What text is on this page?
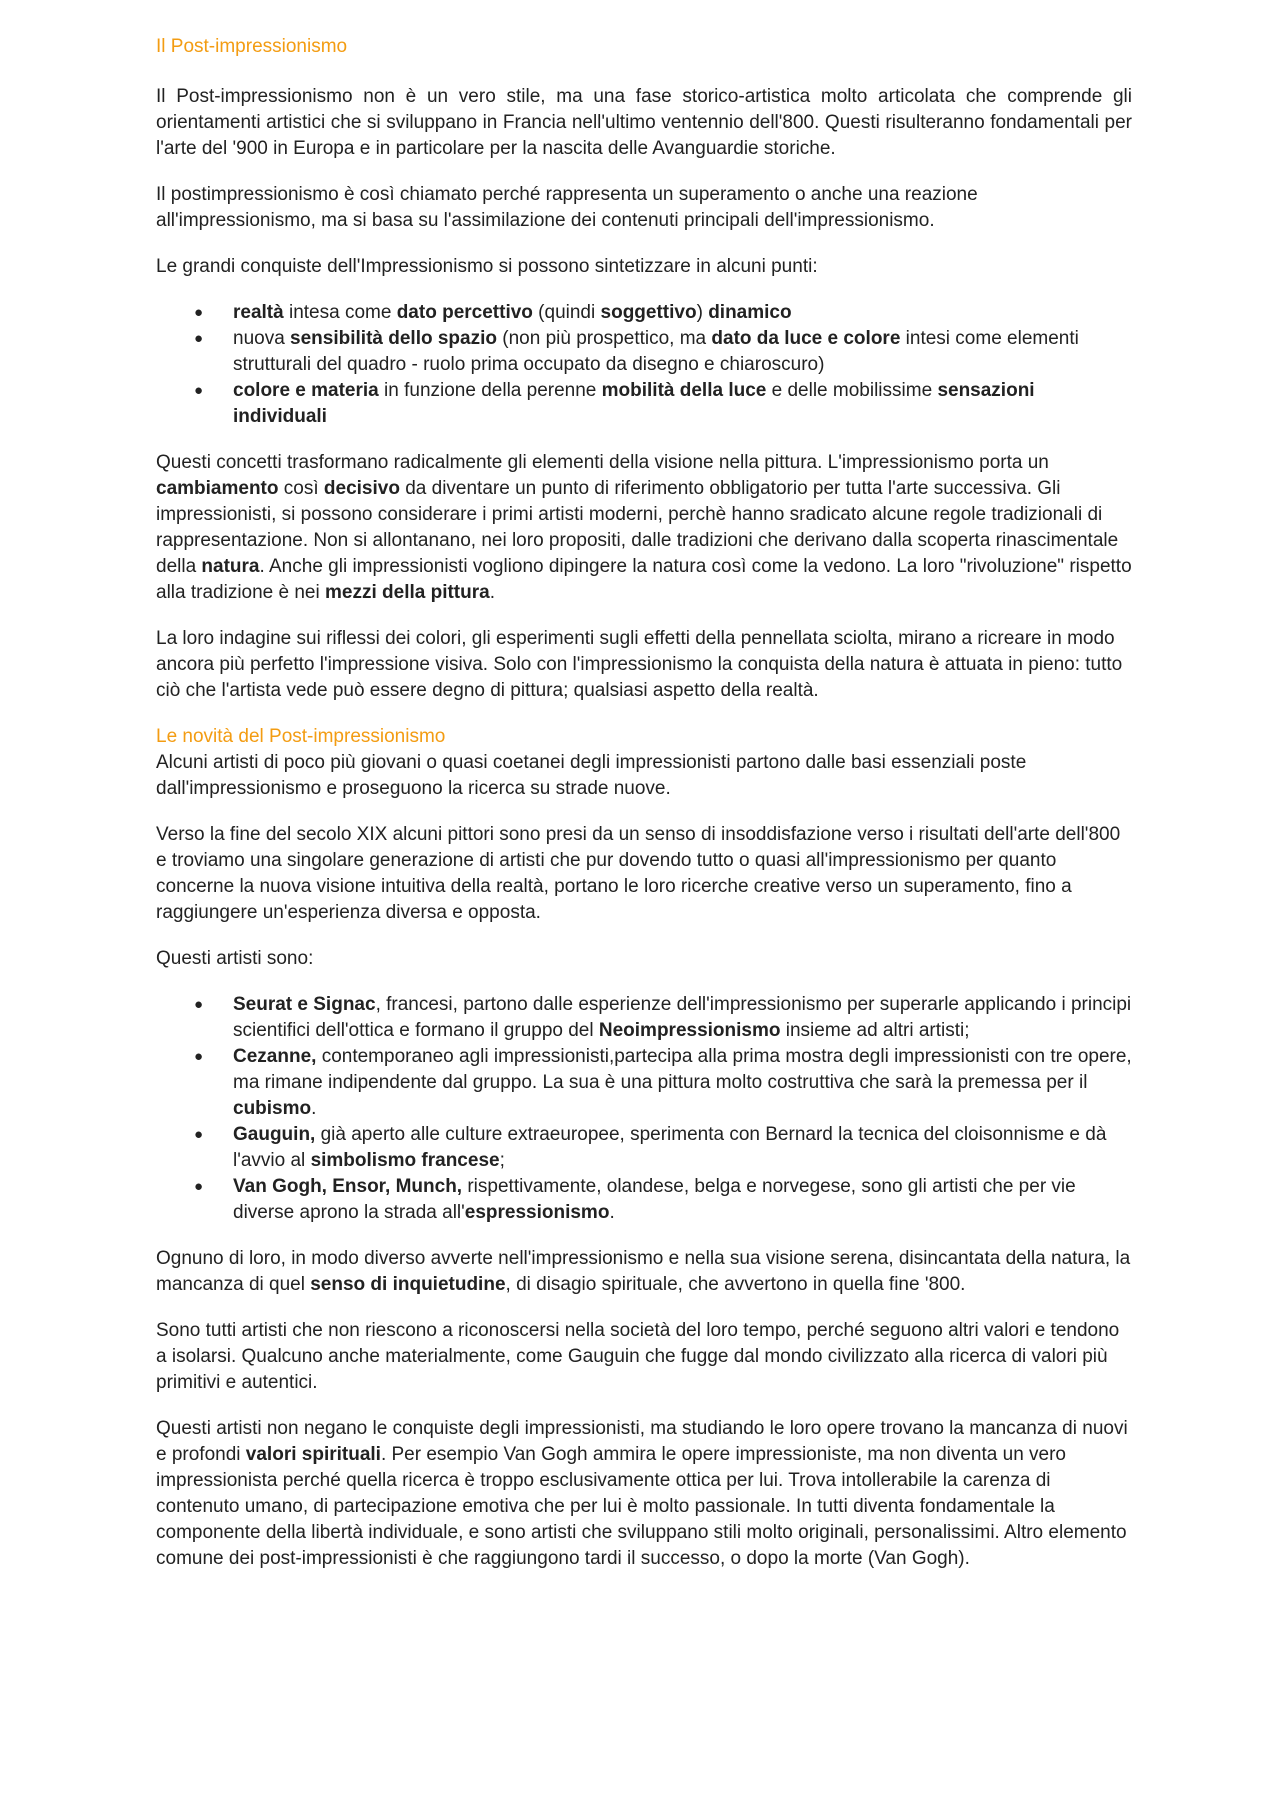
Il Post-impressionismo

Il Post-impressionismo non è un vero stile, ma una fase storico-artistica molto articolata che comprende gli orientamenti artistici che si sviluppano in Francia nell'ultimo ventennio dell'800. Questi risulteranno fondamentali per l'arte del '900 in Europa e in particolare per la nascita delle Avanguardie storiche.

Il postimpressionismo è così chiamato perché rappresenta un superamento o anche una reazione all'impressionismo, ma si basa su l'assimilazione dei contenuti principali dell'impressionismo.

Le grandi conquiste dell'Impressionismo si possono sintetizzare in alcuni punti:

● realtà intesa come dato percettivo (quindi soggettivo) dinamico
● nuova sensibilità dello spazio (non più prospettico, ma dato da luce e colore intesi come elementi strutturali del quadro - ruolo prima occupato da disegno e chiaroscuro)
● colore e materia in funzione della perenne mobilità della luce e delle mobilissime sensazioni individuali

Questi concetti trasformano radicalmente gli elementi della visione nella pittura. L'impressionismo porta un cambiamento così decisivo da diventare un punto di riferimento obbligatorio per tutta l'arte successiva. Gli impressionisti, si possono considerare i primi artisti moderni, perchè hanno sradicato alcune regole tradizionali di rappresentazione. Non si allontanano, nei loro propositi, dalle tradizioni che derivano dalla scoperta rinascimentale della natura. Anche gli impressionisti vogliono dipingere la natura così come la vedono. La loro "rivoluzione" rispetto alla tradizione è nei mezzi della pittura.

La loro indagine sui riflessi dei colori, gli esperimenti sugli effetti della pennellata sciolta, mirano a ricreare in modo ancora più perfetto l'impressione visiva. Solo con l'impressionismo la conquista della natura è attuata in pieno: tutto ciò che l'artista vede può essere degno di pittura; qualsiasi aspetto della realtà.

Le novità del Post-impressionismo

Alcuni artisti di poco più giovani o quasi coetanei degli impressionisti partono dalle basi essenziali poste dall'impressionismo e proseguono la ricerca su strade nuove.

Verso la fine del secolo XIX alcuni pittori sono presi da un senso di insoddisfazione verso i risultati dell'arte dell'800 e troviamo una singolare generazione di artisti che pur dovendo tutto o quasi all'impressionismo per quanto concerne la nuova visione intuitiva della realtà, portano le loro ricerche creative verso un superamento, fino a raggiungere un'esperienza diversa e opposta.

Questi artisti sono:

● Seurat e Signac, francesi, partono dalle esperienze dell'impressionismo per superarle applicando i principi scientifici dell'ottica e formano il gruppo del Neoimpressionismo insieme ad altri artisti;
● Cezanne, contemporaneo agli impressionisti,partecipa alla prima mostra degli impressionisti con tre opere, ma rimane indipendente dal gruppo. La sua è una pittura molto costruttiva che sarà la premessa per il cubismo.
● Gauguin, già aperto alle culture extraeuropee, sperimenta con Bernard la tecnica del cloisonnisme e dà l'avvio al simbolismo francese;
● Van Gogh, Ensor, Munch, rispettivamente, olandese, belga e norvegese, sono gli artisti che per vie diverse aprono la strada all'espressionismo.

Ognuno di loro, in modo diverso avverte nell'impressionismo e nella sua visione serena, disincantata della natura, la mancanza di quel senso di inquietudine, di disagio spirituale, che avvertono in quella fine '800.

Sono tutti artisti che non riescono a riconoscersi nella società del loro tempo, perché seguono altri valori e tendono a isolarsi. Qualcuno anche materialmente, come Gauguin che fugge dal mondo civilizzato alla ricerca di valori più primitivi e autentici.

Questi artisti non negano le conquiste degli impressionisti, ma studiando le loro opere trovano la mancanza di nuovi e profondi valori spirituali. Per esempio Van Gogh ammira le opere impressioniste, ma non diventa un vero impressionista perché quella ricerca è troppo esclusivamente ottica per lui. Trova intollerabile la carenza di contenuto umano, di partecipazione emotiva che per lui è molto passionale. In tutti diventa fondamentale la componente della libertà individuale, e sono artisti che sviluppano stili molto originali, personalissimi. Altro elemento comune dei post-impressionisti è che raggiungono tardi il successo, o dopo la morte (Van Gogh).
